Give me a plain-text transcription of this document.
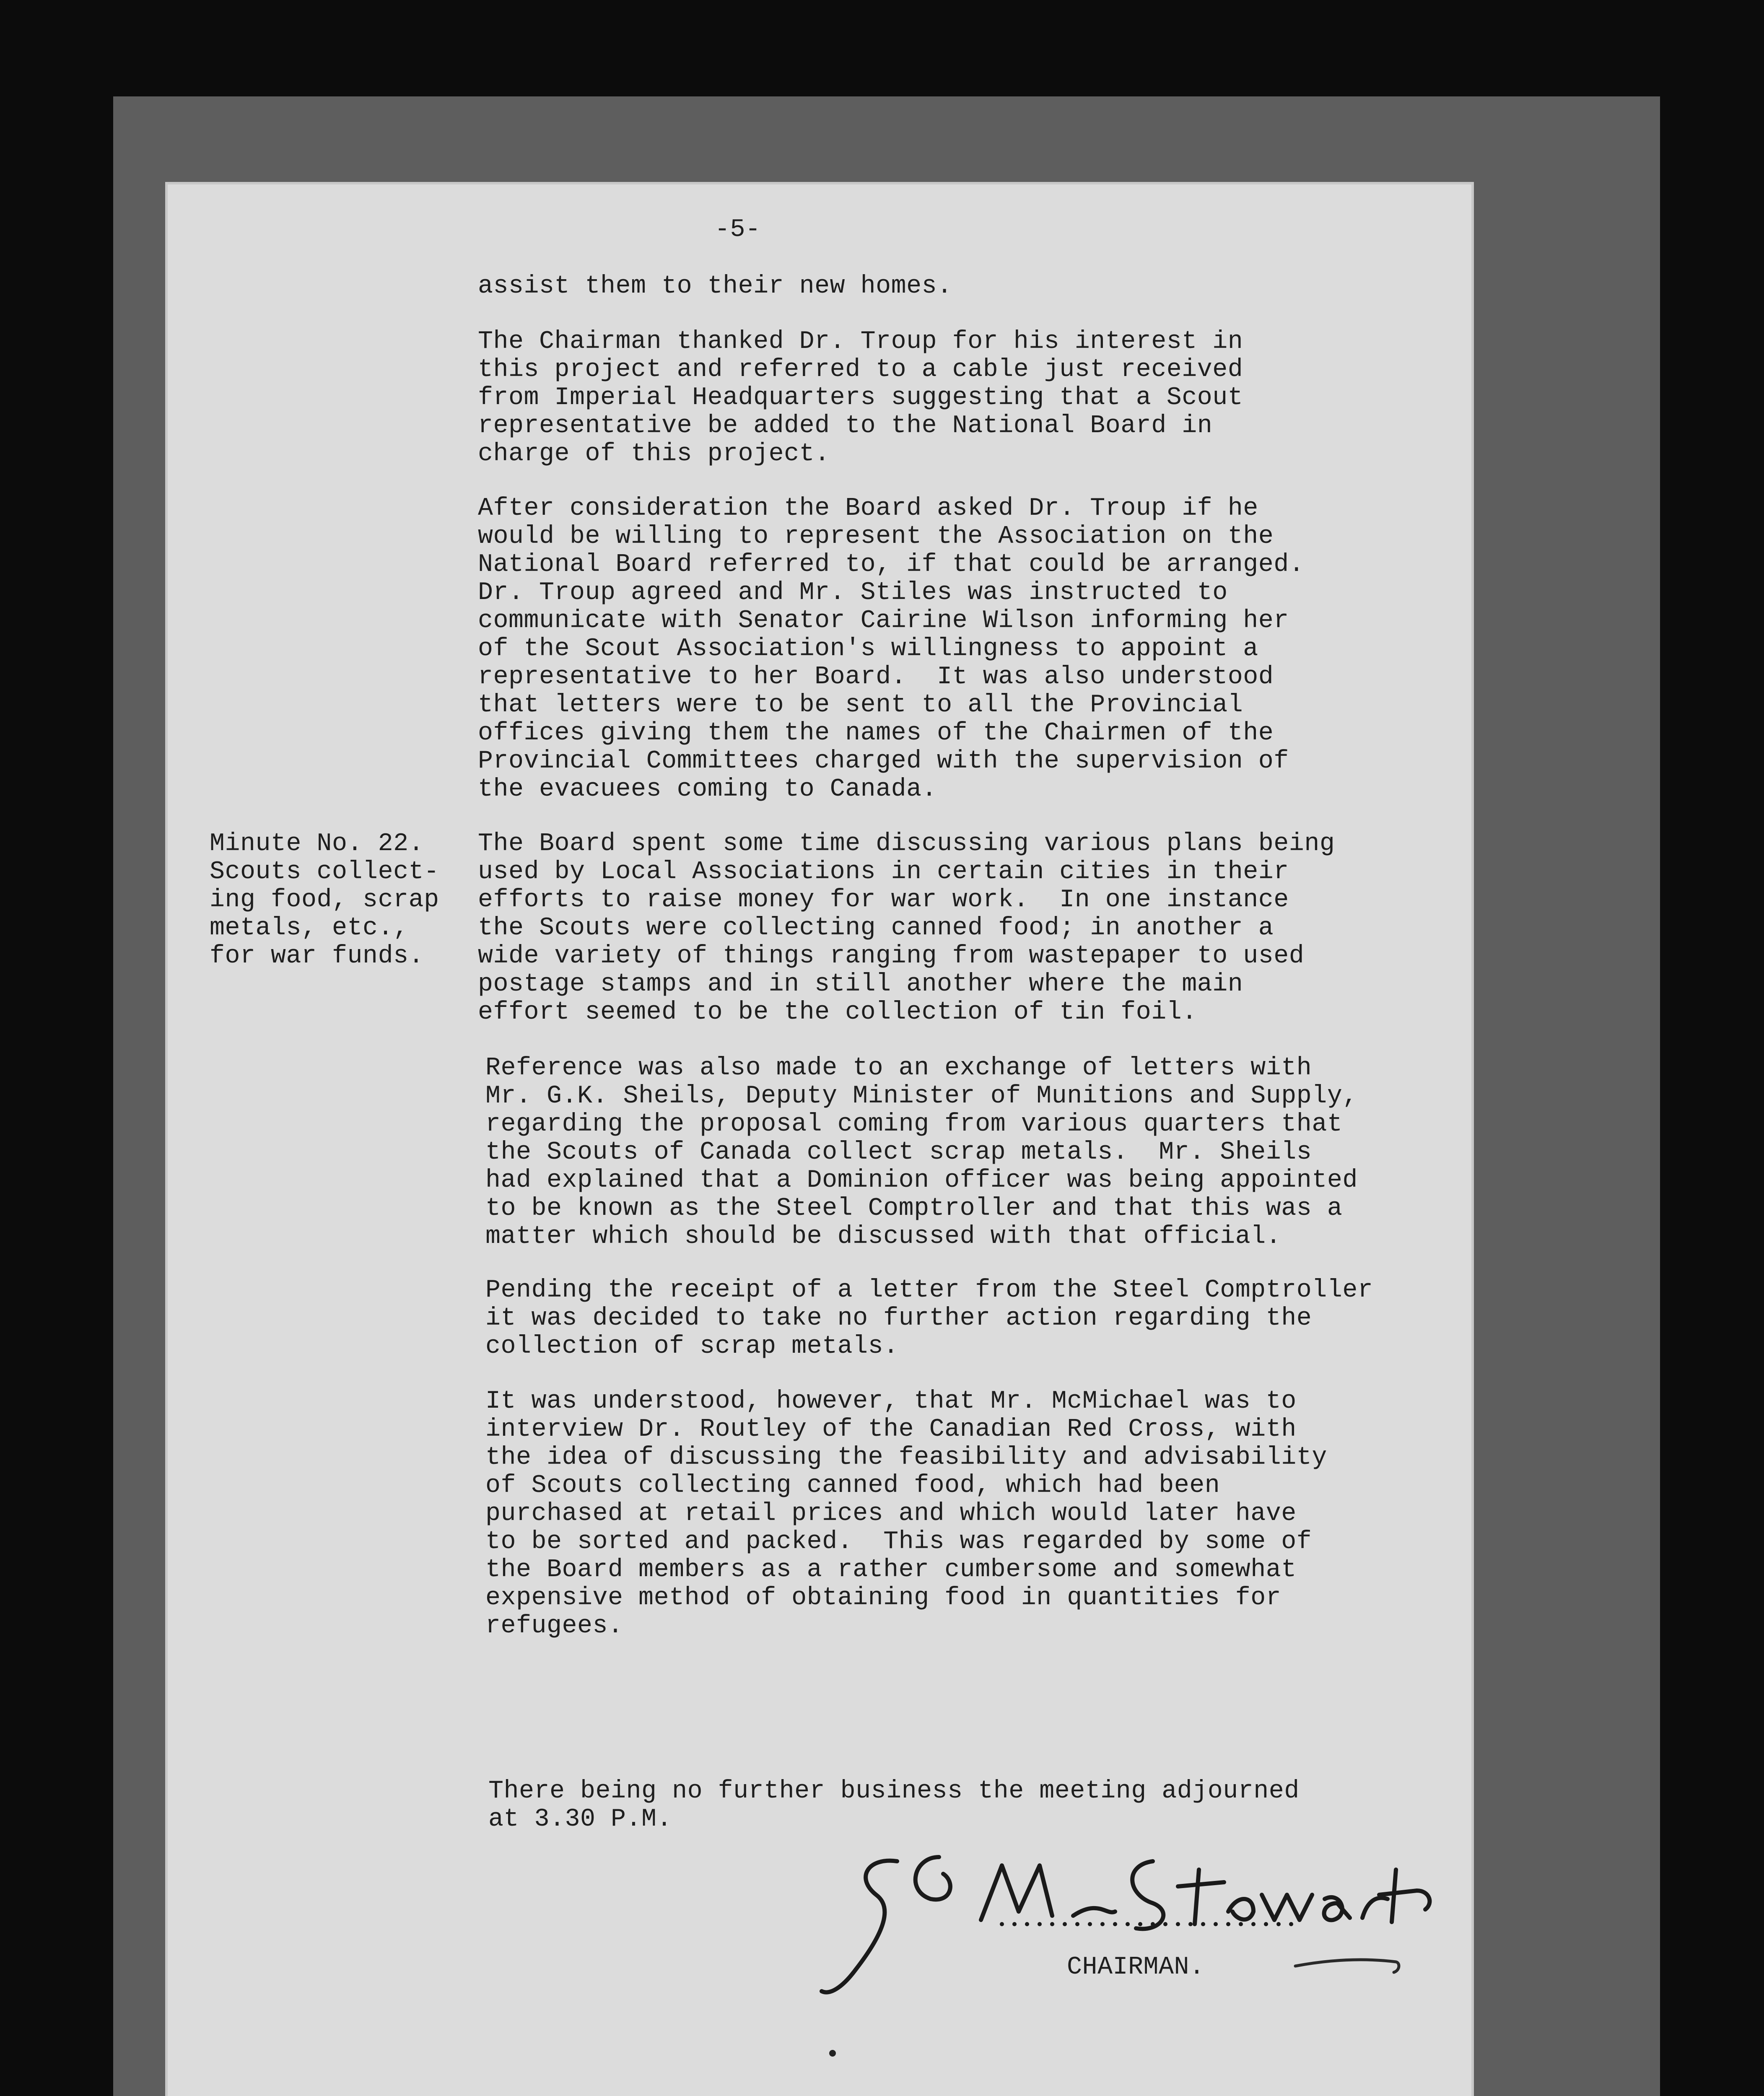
-5-
assist them to their new homes.
The Chairman thanked Dr. Troup for his interest in
this project and referred to a cable just received
from Imperial Headquarters suggesting that a Scout
representative be added to the National Board in
charge of this project.
After consideration the Board asked Dr. Troup if he
would be willing to represent the Association on the
National Board referred to, if that could be arranged.
Dr. Troup agreed and Mr. Stiles was instructed to
communicate with Senator Cairine Wilson informing her
of the Scout Association's willingness to appoint a
representative to her Board.  It was also understood
that letters were to be sent to all the Provincial
offices giving them the names of the Chairmen of the
Provincial Committees charged with the supervision of
the evacuees coming to Canada.
Minute No. 22.
Scouts collect-
ing food, scrap
metals, etc.,
for war funds.
The Board spent some time discussing various plans being
used by Local Associations in certain cities in their
efforts to raise money for war work.  In one instance
the Scouts were collecting canned food; in another a
wide variety of things ranging from wastepaper to used
postage stamps and in still another where the main
effort seemed to be the collection of tin foil.
Reference was also made to an exchange of letters with
Mr. G.K. Sheils, Deputy Minister of Munitions and Supply,
regarding the proposal coming from various quarters that
the Scouts of Canada collect scrap metals.  Mr. Sheils
had explained that a Dominion officer was being appointed
to be known as the Steel Comptroller and that this was a
matter which should be discussed with that official.
Pending the receipt of a letter from the Steel Comptroller
it was decided to take no further action regarding the
collection of scrap metals.
It was understood, however, that Mr. McMichael was to
interview Dr. Routley of the Canadian Red Cross, with
the idea of discussing the feasibility and advisability
of Scouts collecting canned food, which had been
purchased at retail prices and which would later have
to be sorted and packed.  This was regarded by some of
the Board members as a rather cumbersome and somewhat
expensive method of obtaining food in quantities for
refugees.
There being no further business the meeting adjourned
at 3.30 P.M.
CHAIRMAN.
